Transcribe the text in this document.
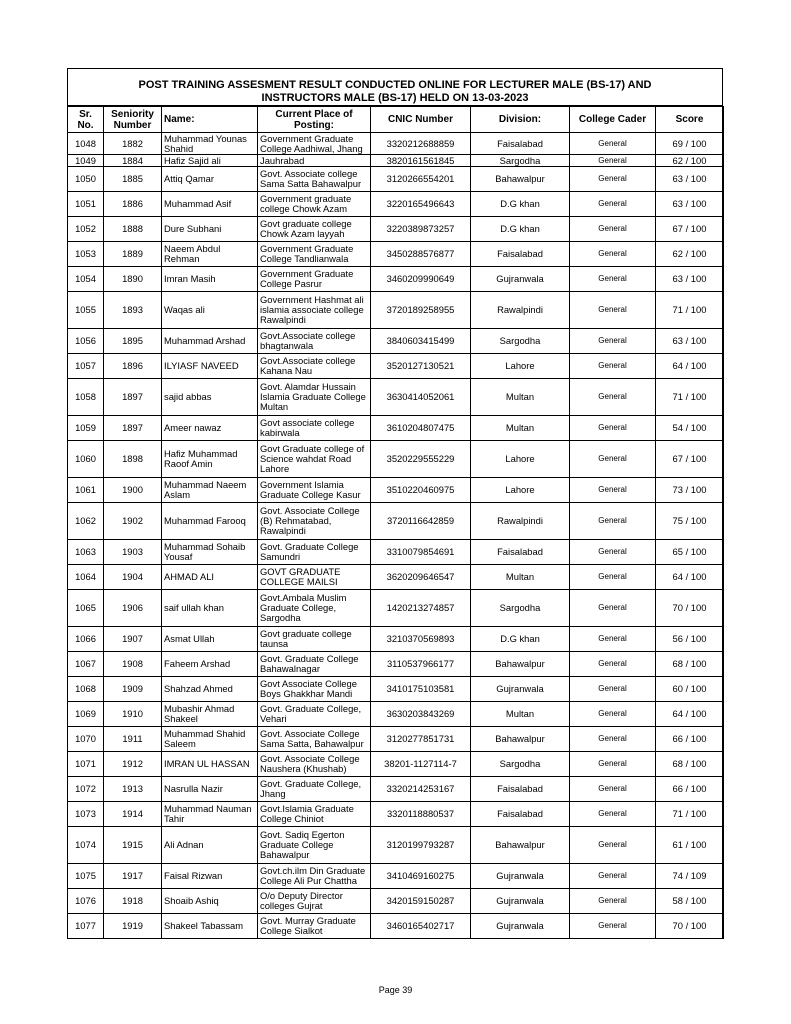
POST TRAINING ASSESMENT RESULT CONDUCTED ONLINE FOR LECTURER MALE (BS-17) AND
INSTRUCTORS MALE (BS-17) HELD ON 13-03-2023
Sr. No.	Seniority Number	Name:	Current Place of Posting:	CNIC Number	Division:	College Cader	Score
1048	1882	Muhammad Younas Shahid	Government Graduate College Aadhiwal, Jhang	3320212688859	Faisalabad	General	69 / 100
1049	1884	Hafiz Sajid ali	Jauhrabad	3820161561845	Sargodha	General	62 / 100
1050	1885	Attiq Qamar	Govt. Associate college Sama Satta Bahawalpur	3120266554201	Bahawalpur	General	63 / 100
1051	1886	Muhammad Asif	Government graduate college Chowk Azam	3220165496643	D.G khan	General	63 / 100
1052	1888	Dure Subhani	Govt graduate college Chowk Azam layyah	3220389873257	D.G khan	General	67 / 100
1053	1889	Naeem Abdul Rehman	Government Graduate College Tandlianwala	3450288576877	Faisalabad	General	62 / 100
1054	1890	Imran Masih	Government Graduate College Pasrur	3460209990649	Gujranwala	General	63 / 100
1055	1893	Waqas ali	Government Hashmat ali islamia associate college Rawalpindi	3720189258955	Rawalpindi	General	71 / 100
1056	1895	Muhammad Arshad	Govt.Associate college bhagtanwala	3840603415499	Sargodha	General	63 / 100
1057	1896	ILYIASF NAVEED	Govt.Associate college Kahana Nau	3520127130521	Lahore	General	64 / 100
1058	1897	sajid abbas	Govt. Alamdar Hussain Islamia Graduate College Multan	3630414052061	Multan	General	71 / 100
1059	1897	Ameer nawaz	Govt associate college kabirwala	3610204807475	Multan	General	54 / 100
1060	1898	Hafiz Muhammad Raoof Amin	Govt Graduate college of Science wahdat Road Lahore	3520229555229	Lahore	General	67 / 100
1061	1900	Muhammad Naeem Aslam	Government Islamia Graduate College Kasur	3510220460975	Lahore	General	73 / 100
1062	1902	Muhammad Farooq	Govt. Associate College (B) Rehmatabad, Rawalpindi	3720116642859	Rawalpindi	General	75 / 100
1063	1903	Muhammad Sohaib Yousaf	Govt. Graduate College Samundri	3310079854691	Faisalabad	General	65 / 100
1064	1904	AHMAD ALI	GOVT GRADUATE COLLEGE MAILSI	3620209646547	Multan	General	64 / 100
1065	1906	saif ullah khan	Govt.Ambala Muslim Graduate College, Sargodha	1420213274857	Sargodha	General	70 / 100
1066	1907	Asmat Ullah	Govt graduate college taunsa	3210370569893	D.G khan	General	56 / 100
1067	1908	Faheem Arshad	Govt. Graduate College Bahawalnagar	3110537966177	Bahawalpur	General	68 / 100
1068	1909	Shahzad Ahmed	Govt Associate College Boys Ghakkhar Mandi	3410175103581	Gujranwala	General	60 / 100
1069	1910	Mubashir Ahmad Shakeel	Govt. Graduate College, Vehari	3630203843269	Multan	General	64 / 100
1070	1911	Muhammad Shahid Saleem	Govt. Associate College Sama Satta, Bahawalpur	3120277851731	Bahawalpur	General	66 / 100
1071	1912	IMRAN UL HASSAN	Govt. Associate College Naushera (Khushab)	38201-1127114-7	Sargodha	General	68 / 100
1072	1913	Nasrulla Nazir	Govt. Graduate College, Jhang	3320214253167	Faisalabad	General	66 / 100
1073	1914	Muhammad Nauman Tahir	Govt.Islamia Graduate College Chiniot	3320118880537	Faisalabad	General	71 / 100
1074	1915	Ali Adnan	Govt. Sadiq Egerton Graduate College Bahawalpur	3120199793287	Bahawalpur	General	61 / 100
1075	1917	Faisal Rizwan	Govt.ch.ilm Din Graduate College Ali Pur Chattha	3410469160275	Gujranwala	General	74 / 109
1076	1918	Shoaib Ashiq	O/o Deputy Director colleges Gujrat	3420159150287	Gujranwala	General	58 / 100
1077	1919	Shakeel Tabassam	Govt. Murray Graduate College Sialkot	3460165402717	Gujranwala	General	70 / 100
Page 39
